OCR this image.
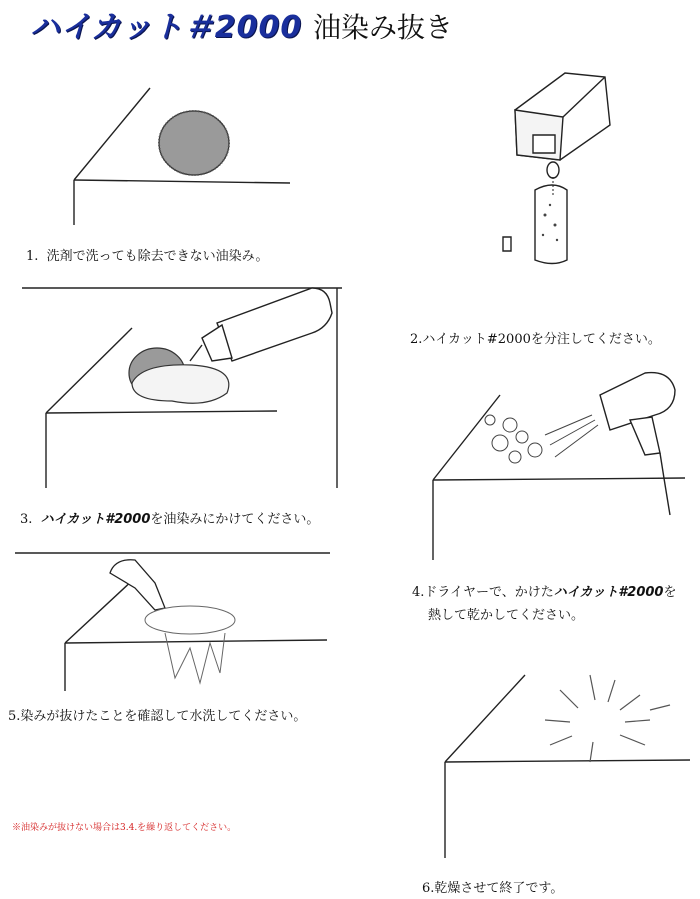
ハイカット＃2000 油染み抜き
1. 洗剤で洗っても除去できない油染み。
2.ハイカット#2000を分注してください。
3. ハイカット#2000を油染みにかけてください。
4.ドライヤーで、かけたハイカット#2000を
熱して乾かしてください。
5.染みが抜けたことを確認して水洗してください。
※油染みが抜けない場合は3.4.を繰り返してください。
6.乾燥させて終了です。
